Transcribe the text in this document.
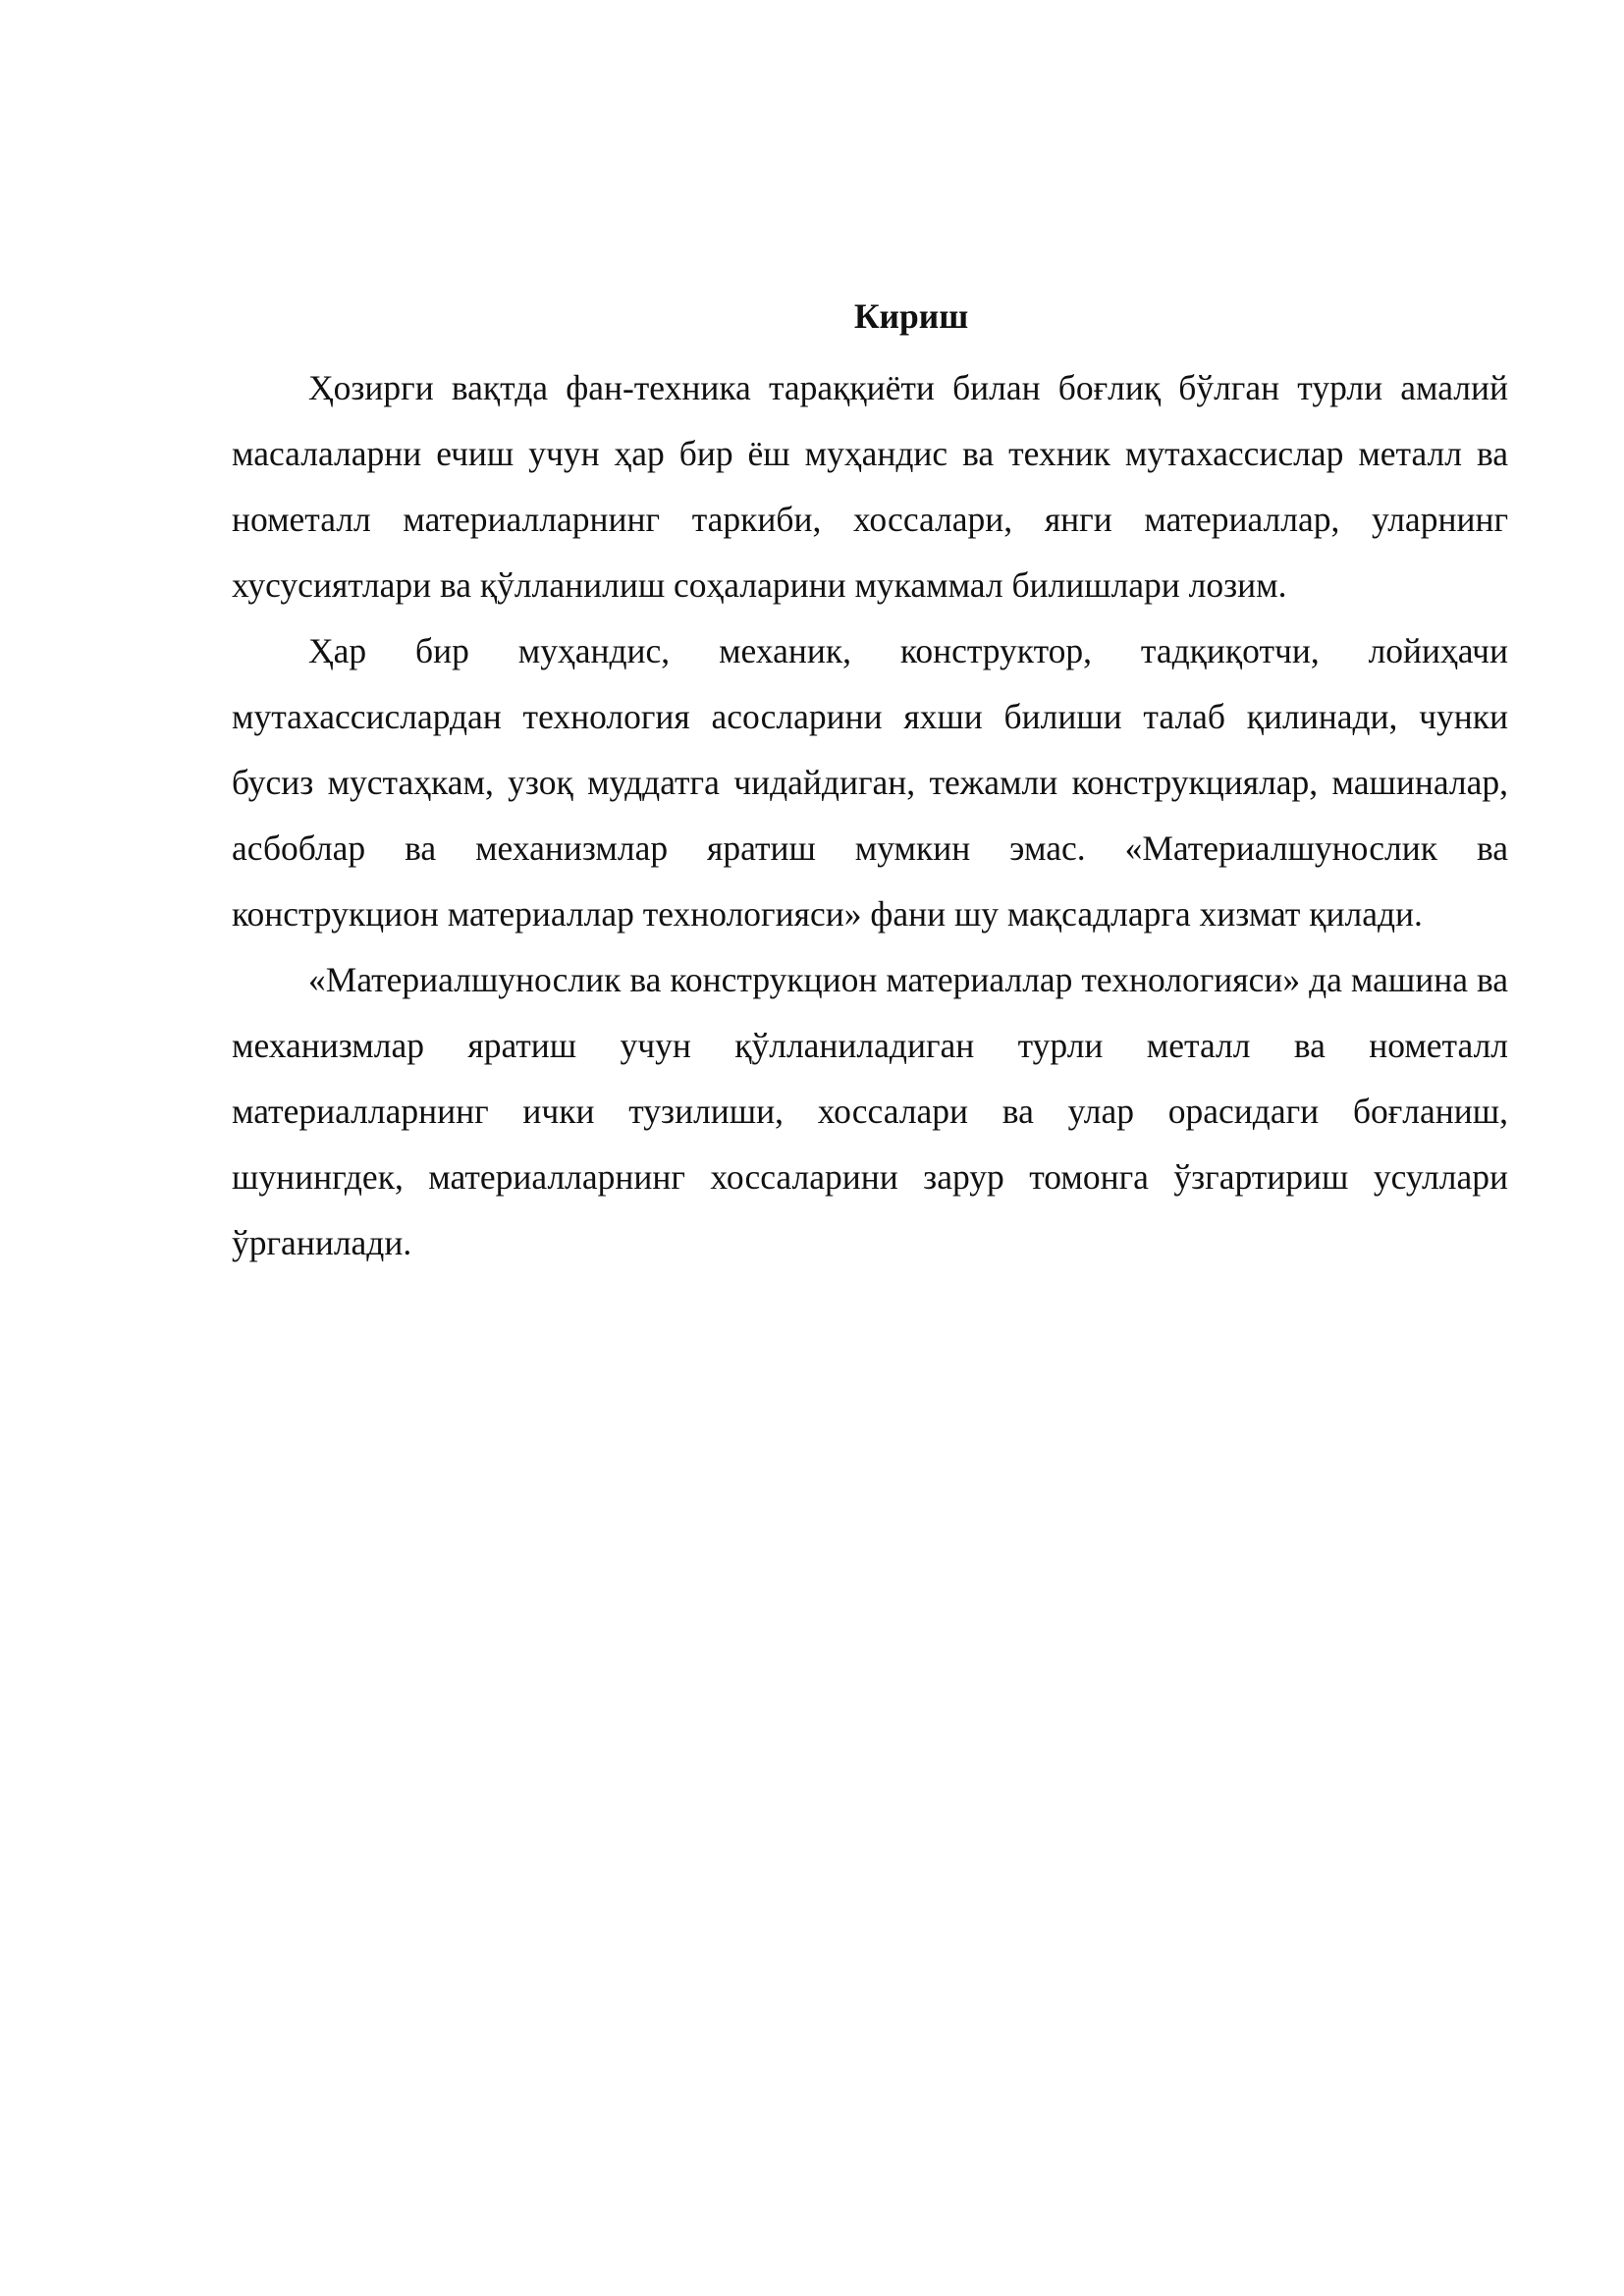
Кириш

Ҳозирги вақтда фан-техника тараққиёти билан боғлиқ бўлган турли амалий масалаларни ечиш учун ҳар бир ёш муҳандис ва техник мутахассислар металл ва нометалл материалларнинг таркиби, хоссалари, янги материаллар, уларнинг хусусиятлари ва қўлланилиш соҳаларини мукаммал билишлари лозим.

Ҳар бир муҳандис, механик, конструктор, тадқиқотчи, лойиҳачи мутахассислардан технология асосларини яхши билиши талаб қилинади, чунки бусиз мустаҳкам, узоқ муддатга чидайдиган, тежамли конструкциялар, машиналар, асбоблар ва механизмлар яратиш мумкин эмас. «Материалшунослик ва конструкцион материаллар технологияси» фани шу мақсадларга хизмат қилади.

«Материалшунослик ва конструкцион материаллар технологияси» да машина ва механизмлар яратиш учун қўлланиладиган турли металл ва нометалл материалларнинг ички тузилиши, хоссалари ва улар орасидаги боғланиш, шунингдек, материалларнинг хоссаларини зарур томонга ўзгартириш усуллари ўрганилади.
